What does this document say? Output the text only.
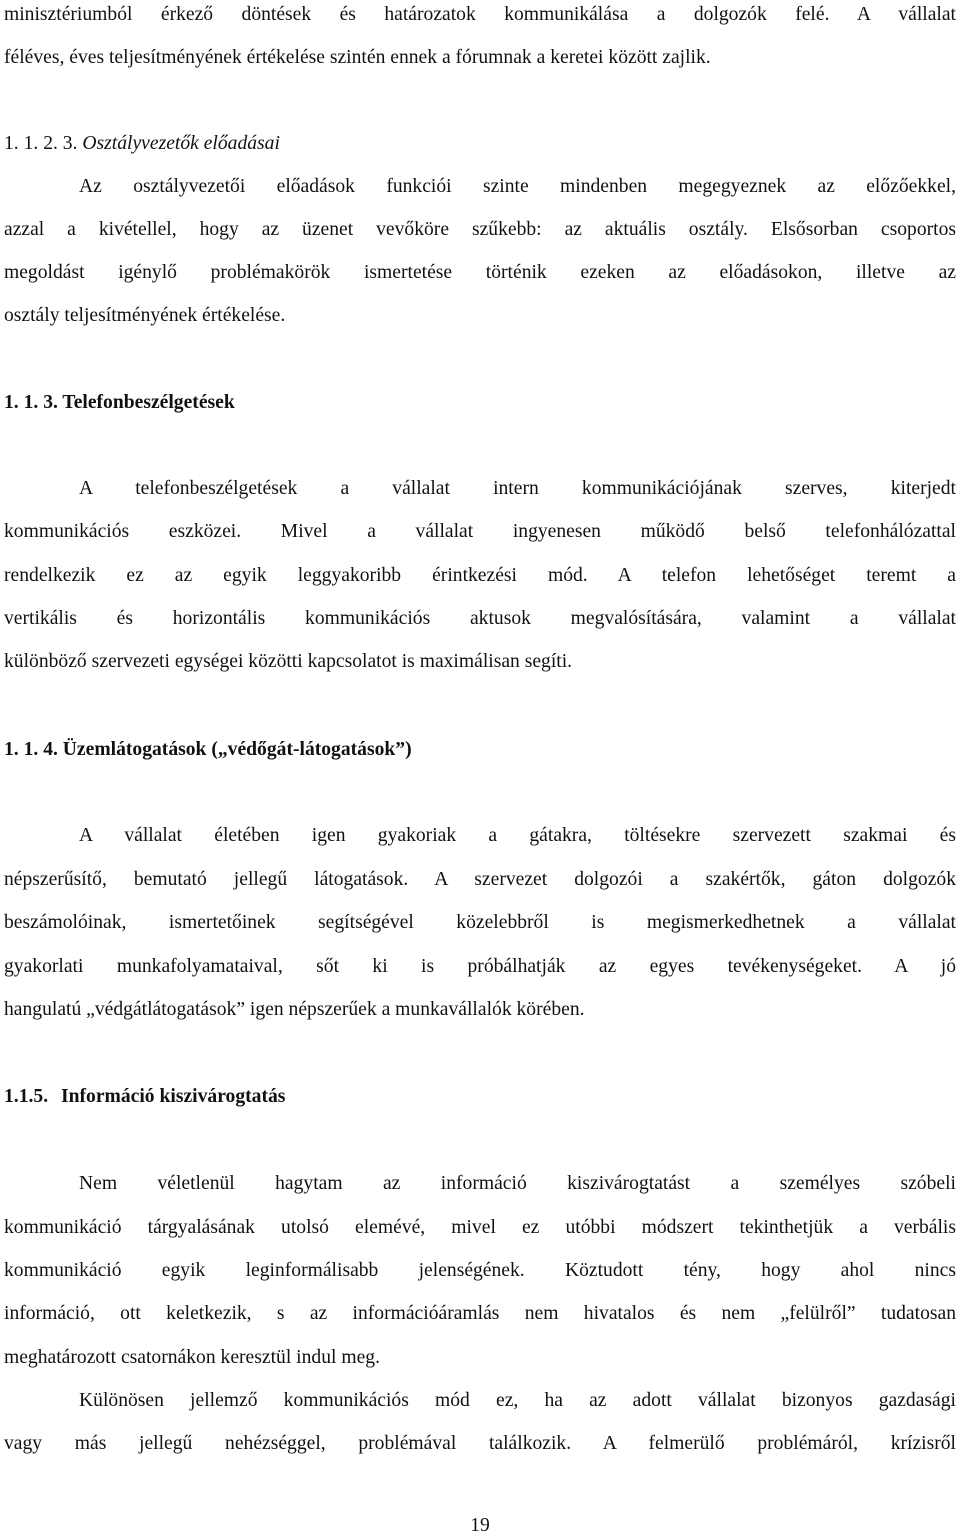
minisztériumból érkező döntések és határozatok kommunikálása a dolgozók felé. A vállalat
féléves, éves teljesítményének értékelése szintén ennek a fórumnak a keretei között zajlik.
1. 1. 2. 3. Osztályvezetők előadásai
Az osztályvezetői előadások funkciói szinte mindenben megegyeznek az előzőekkel,
azzal a kivétellel, hogy az üzenet vevőköre szűkebb: az aktuális osztály. Elsősorban csoportos
megoldást igénylő problémakörök ismertetése történik ezeken az előadásokon, illetve az
osztály teljesítményének értékelése.
1. 1. 3. Telefonbeszélgetések
A telefonbeszélgetések a vállalat intern kommunikációjának szerves, kiterjedt
kommunikációs eszközei. Mivel a vállalat ingyenesen működő belső telefonhálózattal
rendelkezik ez az egyik leggyakoribb érintkezési mód. A telefon lehetőséget teremt a
vertikális és horizontális kommunikációs aktusok megvalósítására, valamint a vállalat
különböző szervezeti egységei közötti kapcsolatot is maximálisan segíti.
1. 1. 4. Üzemlátogatások („védőgát-látogatások”)
A vállalat életében igen gyakoriak a gátakra, töltésekre szervezett szakmai és
népszerűsítő, bemutató jellegű látogatások. A szervezet dolgozói a szakértők, gáton dolgozók
beszámolóinak, ismertetőinek segítségével közelebbről is megismerkedhetnek a vállalat
gyakorlati munkafolyamataival, sőt ki is próbálhatják az egyes tevékenységeket. A jó
hangulatú „védgátlátogatások” igen népszerűek a munkavállalók körében.
1.1.5. Információ kiszivárogtatás
Nem véletlenül hagytam az információ kiszivárogtatást a személyes szóbeli
kommunikáció tárgyalásának utolsó elemévé, mivel ez utóbbi módszert tekinthetjük a verbális
kommunikáció egyik leginformálisabb jelenségének. Köztudott tény, hogy ahol nincs
információ, ott keletkezik, s az információáramlás nem hivatalos és nem „felülről” tudatosan
meghatározott csatornákon keresztül indul meg.
Különösen jellemző kommunikációs mód ez, ha az adott vállalat bizonyos gazdasági
vagy más jellegű nehézséggel, problémával találkozik. A felmerülő problémáról, krízisről
19
